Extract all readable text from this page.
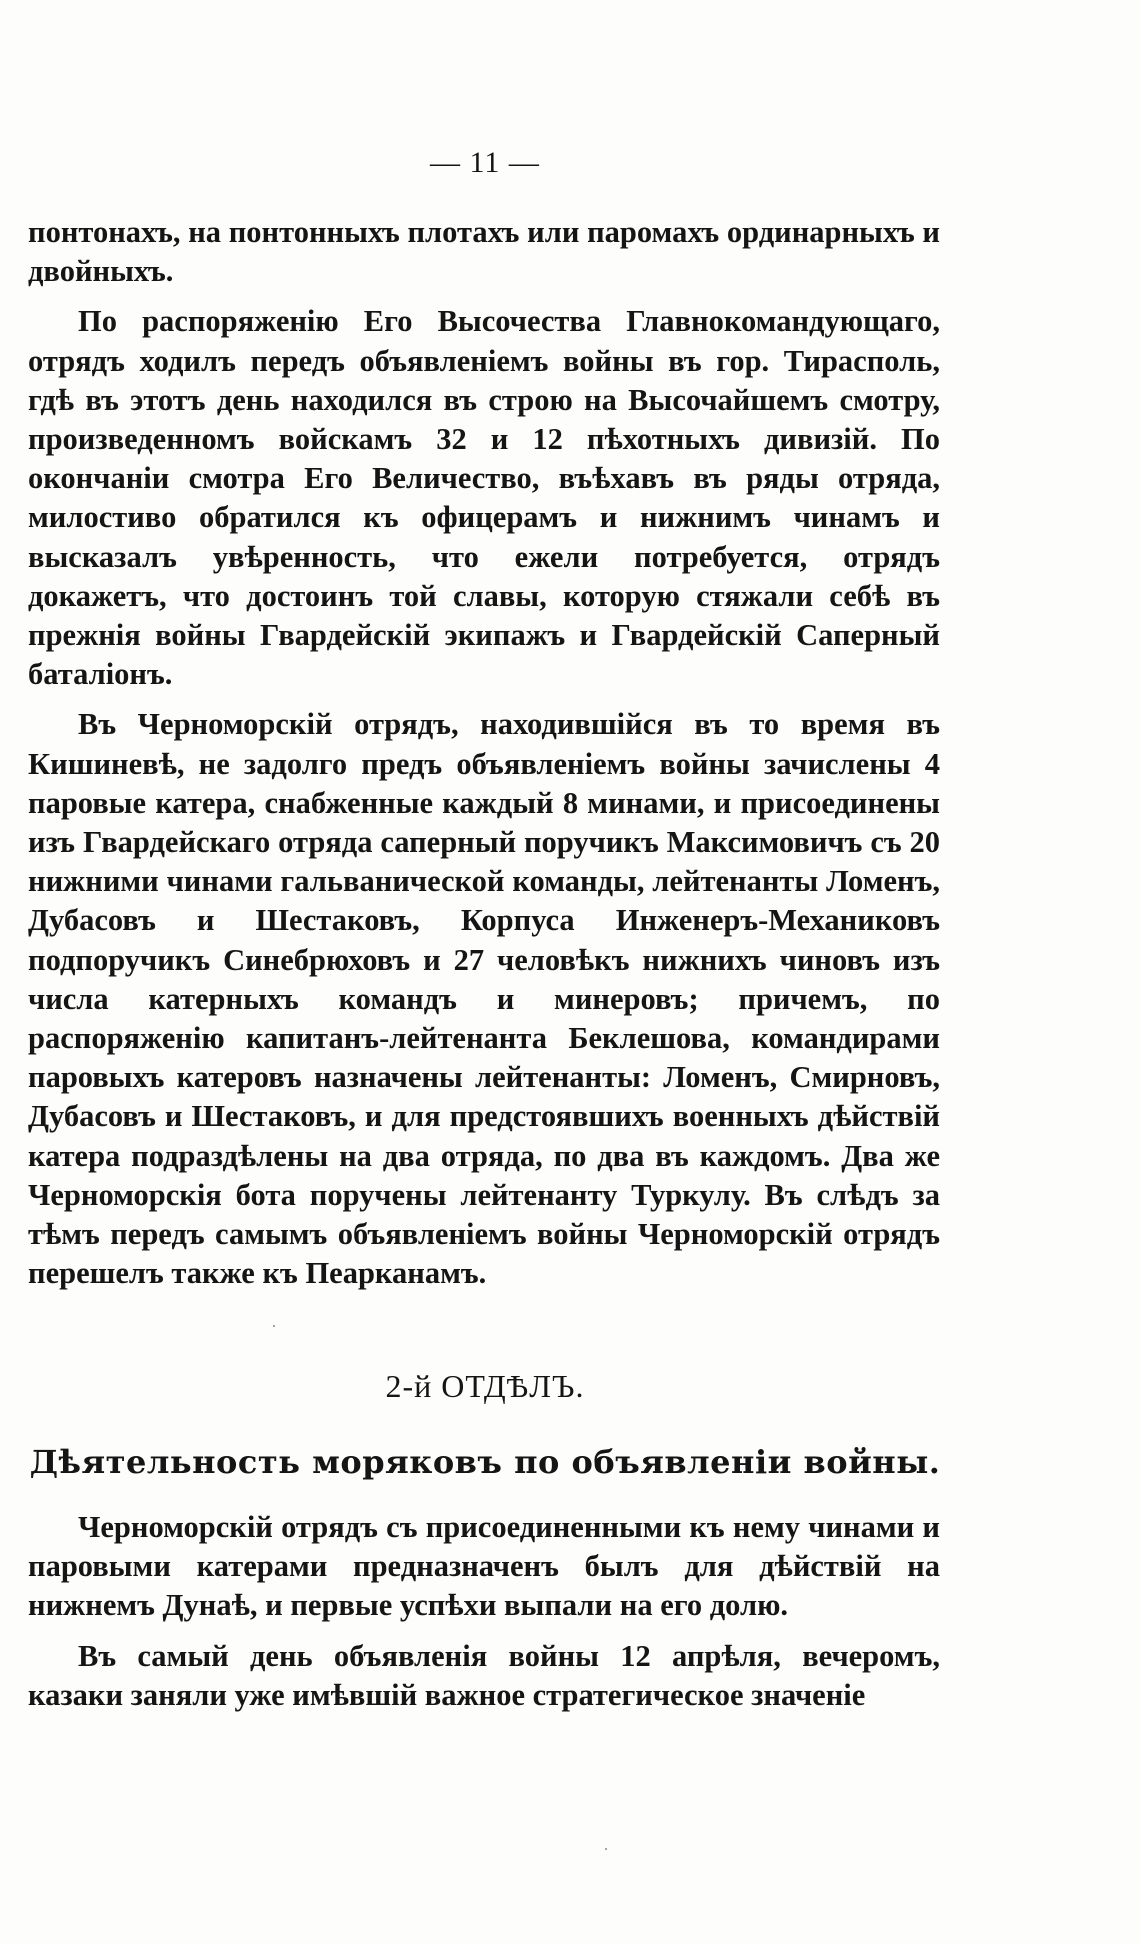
— 11 —

понтонахъ, на понтонныхъ плотахъ или паромахъ ординарныхъ и двойныхъ.

По распоряженiю Его Высочества Главнокомандующаго, отрядъ ходилъ передъ объявленiемъ войны въ гор. Тирасполь, гдѣ въ этотъ день находился въ строю на Высочайшемъ смотру, произведенномъ войскамъ 32 и 12 пѣхотныхъ дивизiй. По окончанiи смотра Его Величество, въѣхавъ въ ряды отряда, милостиво обратился къ офицерамъ и нижнимъ чинамъ и высказалъ увѣренность, что ежели потребуется, отрядъ докажетъ, что достоинъ той славы, которую стяжали себѣ въ прежнiя войны Гвардейскiй экипажъ и Гвардейскiй Саперный баталiонъ.

Въ Черноморскiй отрядъ, находившiйся въ то время въ Кишиневѣ, не задолго предъ объявленiемъ войны зачислены 4 паровые катера, снабженные каждый 8 минами, и присоединены изъ Гвардейскаго отряда саперный поручикъ Максимовичъ съ 20 нижними чинами гальванической команды, лейтенанты Ломенъ, Дубасовъ и Шестаковъ, Корпуса Инженеръ-Механиковъ подпоручикъ Синебрюховъ и 27 человѣкъ нижнихъ чиновъ изъ числа катерныхъ командъ и минеровъ; причемъ, по распоряженiю капитанъ-лейтенанта Беклешова, командирами паровыхъ катеровъ назначены лейтенанты: Ломенъ, Смирновъ, Дубасовъ и Шестаковъ, и для предстоявшихъ военныхъ дѣйствiй катера подраздѣлены на два отряда, по два въ каждомъ. Два же Черноморскiя бота поручены лейтенанту Туркулу. Въ слѣдъ за тѣмъ передъ самымъ объявленiемъ войны Черноморскiй отрядъ перешелъ также къ Пеарканамъ.

2-й ОТДѢЛЪ.
Дѣятельность моряковъ по объявленiи войны.

Черноморскiй отрядъ съ присоединенными къ нему чинами и паровыми катерами предназначенъ былъ для дѣйствiй на нижнемъ Дунаѣ, и первые успѣхи выпали на его долю.

Въ самый день объявленiя войны 12 апрѣля, вечеромъ, казаки заняли уже имѣвшiй важное стратегическое значенiе
